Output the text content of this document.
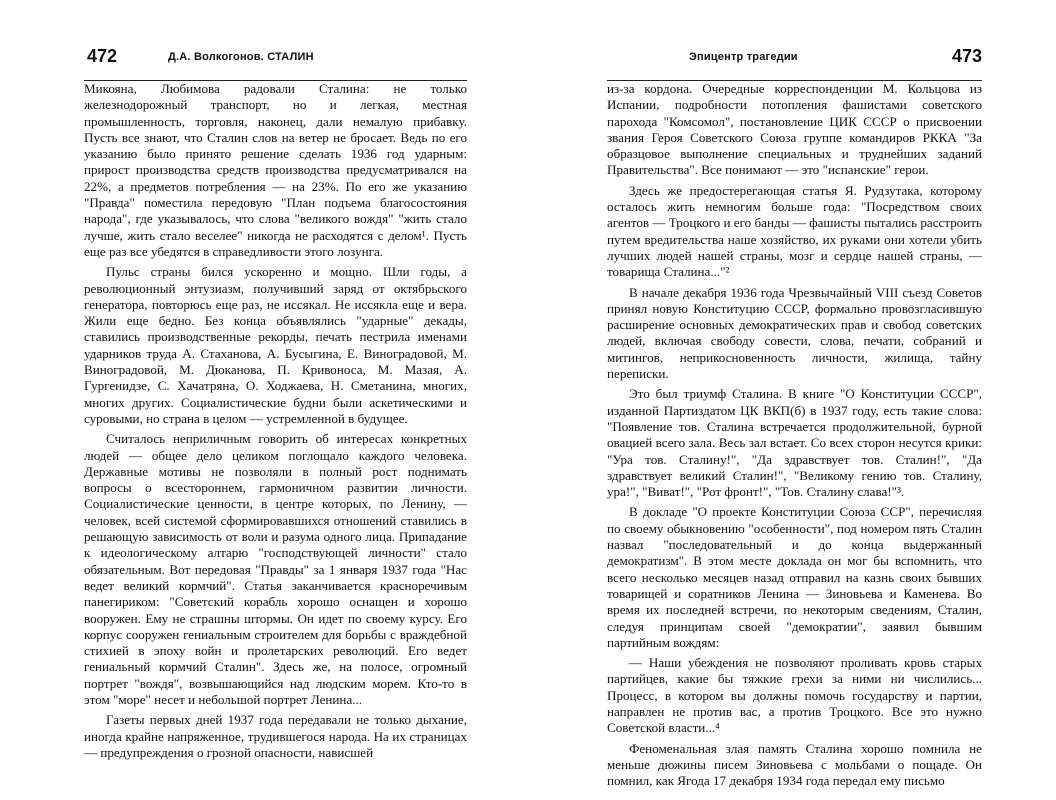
472	Д.А. Волкогонов. СТАЛИН

Микояна, Любимова радовали Сталина: не только железнодорожный транспорт, но и легкая, местная промышленность, торговля, наконец, дали немалую прибавку. Пусть все знают, что Сталин слов на ветер не бросает. Ведь по его указанию было принято решение сделать 1936 год ударным: прирост производства средств производства предусматривался на 22%, а предметов потребления — на 23%. По его же указанию "Правда" поместила передовую "План подъема благосостояния народа", где указывалось, что слова "великого вождя" "жить стало лучше, жить стало веселее" никогда не расходятся с делом¹. Пусть еще раз все убедятся в справедливости этого лозунга.

Пульс страны бился ускоренно и мощно. Шли годы, а революционный энтузиазм, получивший заряд от октябрьского генератора, повторюсь еще раз, не иссякал. Не иссякла еще и вера. Жили еще бедно. Без конца объявлялись "ударные" декады, ставились производственные рекорды, печать пестрила именами ударников труда А. Стаханова, А. Бусыгина, Е. Виноградовой, М. Виноградовой, М. Дюканова, П. Кривоноса, М. Мазая, А. Гургенидзе, С. Хачатряна, О. Ходжаева, Н. Сметанина, многих, многих других. Социалистические будни были аскетическими и суровыми, но страна в целом — устремленной в будущее.

Считалось неприличным говорить об интересах конкретных людей — общее дело целиком поглощало каждого человека. Державные мотивы не позволяли в полный рост поднимать вопросы о всестороннем, гармоничном развитии личности. Социалистические ценности, в центре которых, по Ленину, — человек, всей системой сформировавшихся отношений ставились в решающую зависимость от воли и разума одного лица. Припадание к идеологическому алтарю "господствующей личности" стало обязательным. Вот передовая "Правды" за 1 января 1937 года "Нас ведет великий кормчий". Статья заканчивается красноречивым панегириком: "Советский корабль хорошо оснащен и хорошо вооружен. Ему не страшны штормы. Он идет по своему курсу. Его корпус сооружен гениальным строителем для борьбы с враждебной стихией в эпоху войн и пролетарских революций. Его ведет гениальный кормчий Сталин". Здесь же, на полосе, огромный портрет "вождя", возвышающийся над людским морем. Кто-то в этом "море" несет и небольшой портрет Ленина...

Газеты первых дней 1937 года передавали не только дыхание, иногда крайне напряженное, трудившегося народа. На их страницах — предупреждения о грозной опасности, нависшей

Эпицентр трагедии	473

из-за кордона. Очередные корреспонденции М. Кольцова из Испании, подробности потопления фашистами советского парохода "Комсомол", постановление ЦИК СССР о присвоении звания Героя Советского Союза группе командиров РККА "За образцовое выполнение специальных и труднейших заданий Правительства". Все понимают — это "испанские" герои.

Здесь же предостерегающая статья Я. Рудзутака, которому осталось жить немногим больше года: "Посредством своих агентов — Троцкого и его банды — фашисты пытались расстроить путем вредительства наше хозяйство, их руками они хотели убить лучших людей нашей страны, мозг и сердце нашей страны, — товарища Сталина..."²

В начале декабря 1936 года Чрезвычайный VIII съезд Советов принял новую Конституцию СССР, формально провозгласившую расширение основных демократических прав и свобод советских людей, включая свободу совести, слова, печати, собраний и митингов, неприкосновенность личности, жилища, тайну переписки.

Это был триумф Сталина. В книге "О Конституции СССР", изданной Партиздатом ЦК ВКП(б) в 1937 году, есть такие слова: "Появление тов. Сталина встречается продолжительной, бурной овацией всего зала. Весь зал встает. Со всех сторон несутся крики: "Ура тов. Сталину!", "Да здравствует тов. Сталин!", "Да здравствует великий Сталин!", "Великому гению тов. Сталину, ура!", "Виват!", "Рот фронт!", "Тов. Сталину слава!"³.

В докладе "О проекте Конституции Союза ССР", перечисляя по своему обыкновению "особенности", под номером пять Сталин назвал "последовательный и до конца выдержанный демократизм". В этом месте доклада он мог бы вспомнить, что всего несколько месяцев назад отправил на казнь своих бывших товарищей и соратников Ленина — Зиновьева и Каменева. Во время их последней встречи, по некоторым сведениям, Сталин, следуя принципам своей "демократии", заявил бывшим партийным вождям:

— Наши убеждения не позволяют проливать кровь старых партийцев, какие бы тяжкие грехи за ними ни числились... Процесс, в котором вы должны помочь государству и партии, направлен не против вас, а против Троцкого. Все это нужно Советской власти...⁴

Феноменальная злая память Сталина хорошо помнила не меньше дюжины писем Зиновьева с мольбами о пощаде. Он помнил, как Ягода 17 декабря 1934 года передал ему письмо
